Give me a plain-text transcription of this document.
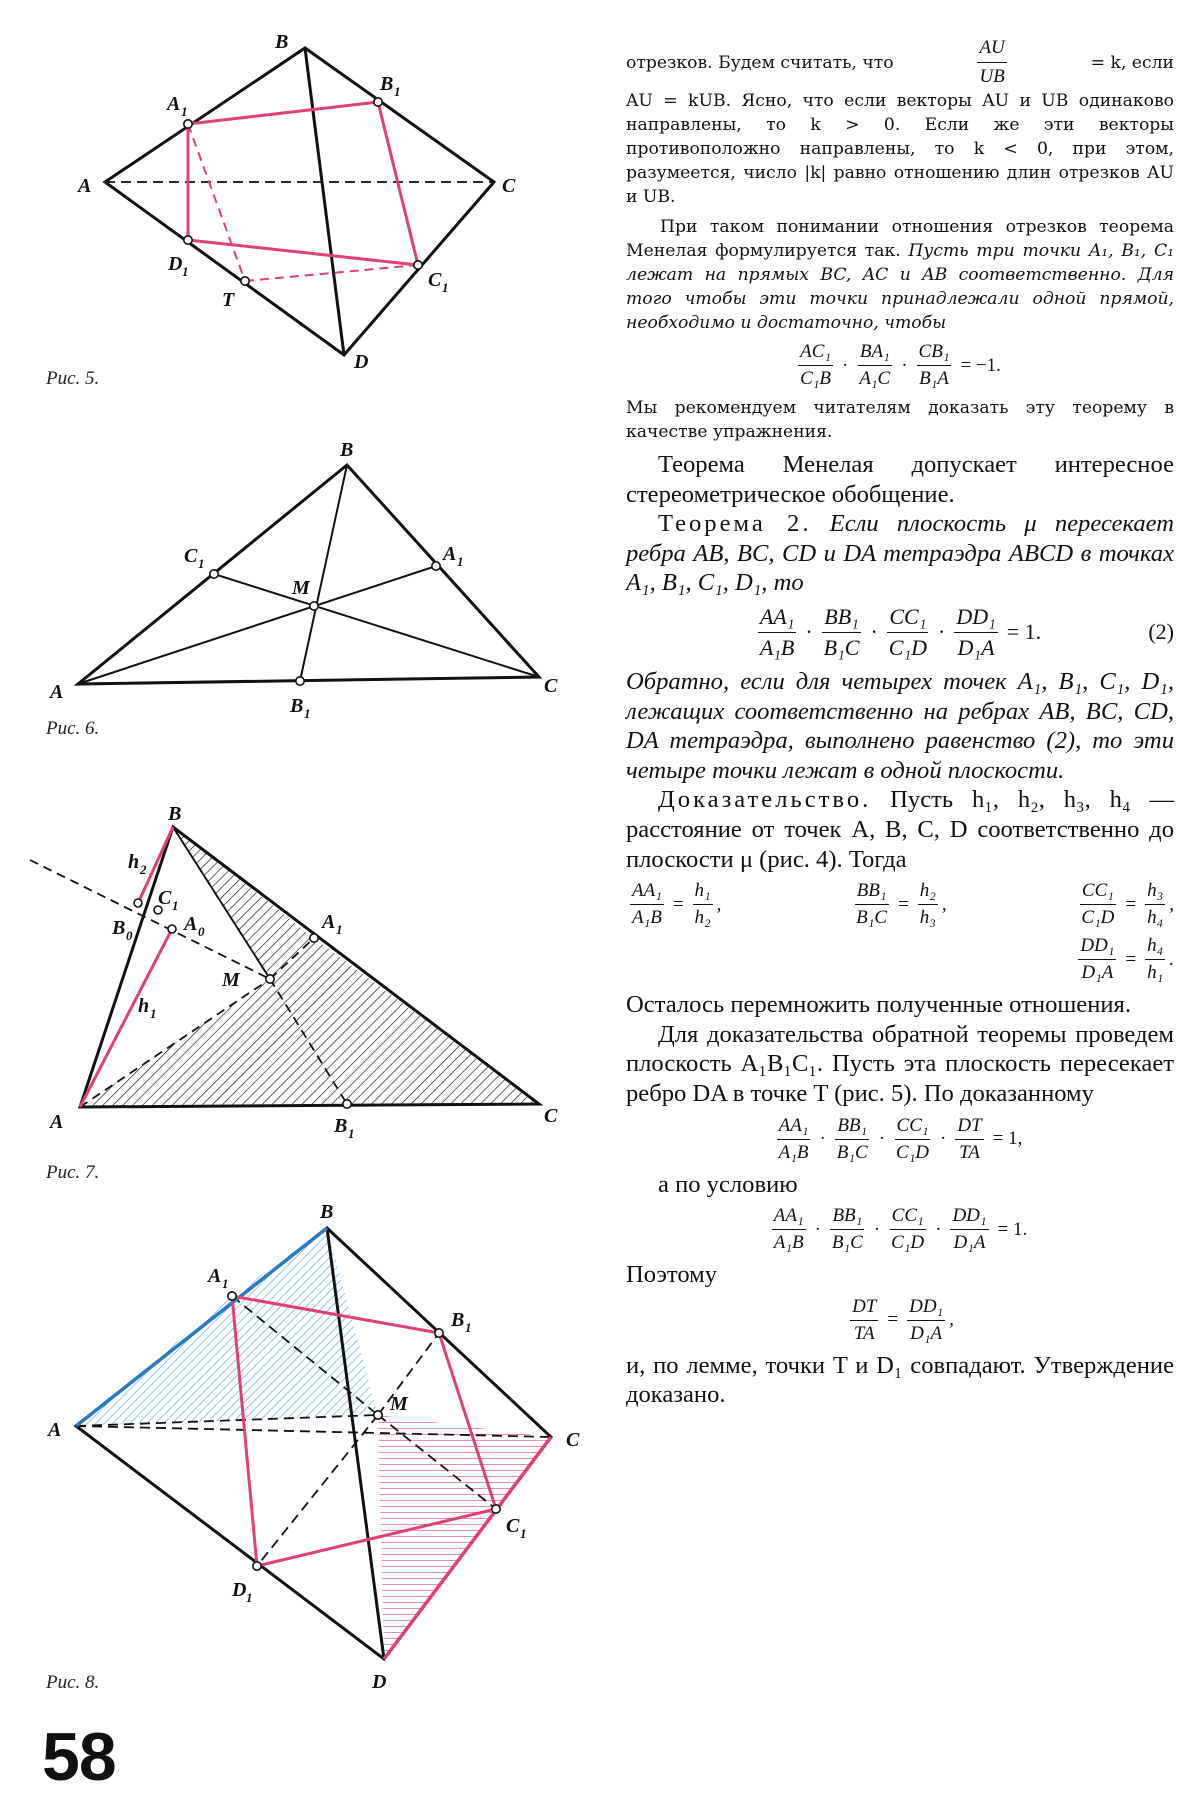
A
B
C
D
A 1
B 1
C 1
D 1
T
Рис. 5.
A
B
C
M
A 1
B 1
C 1
Рис. 6.
A
B
C
M
A 1
B 1
C 1
A 0
B 0
h 2
h 1
Рис. 7.
A
B
C
D
M
A 1
B 1
C 1
D 1
Рис. 8.
58
отрезков. Будем считать, что	$\frac{AU}{UB}$	= k, если

AU = kUB. Ясно, что если векторы AU и UB одинаково направлены, то k > 0. Если же эти векторы противоположно направлены, то k < 0, при этом, разумеется, число |k| равно отношению длин отрезков AU и UB.

При таком понимании отношения отрезков теорема Менелая формулируется так. Пусть три точки A₁, B₁, C₁ лежат на прямых BC, AC и AB соответственно. Для того чтобы эти точки принадлежали одной прямой, необходимо и достаточно, чтобы

$\frac{\text{AC₁}}{\text{C₁B}} \cdot \frac{\text{BA₁}}{\text{A₁C}} \cdot \frac{\text{CB₁}}{\text{B₁A}} = -1$.

Мы рекомендуем читателям доказать эту теорему в качестве упражнения.

Теорема Менелая допускает интересное стереометрическое обобщение.

Теорема 2. Если плоскость μ пересекает ребра AB, BC, CD и DA тетраэдра ABCD в точках A₁, B₁, C₁, D₁, то

$\frac{\text{AA₁}}{\text{A₁B}} \cdot \frac{\text{BB₁}}{\text{B₁C}} \cdot \frac{\text{CC₁}}{\text{C₁D}} \cdot \frac{\text{DD₁}}{\text{D₁A}} = 1$.	(2)

Обратно, если для четырех точек A₁, B₁, C₁, D₁, лежащих соответственно на ребрах AB, BC, CD, DA тетраэдра, выполнено равенство (2), то эти четыре точки лежат в одной плоскости.

Доказательство. Пусть h₁, h₂, h₃, h₄ — расстояние от точек A, B, C, D соответственно до плоскости μ (рис. 4). Тогда

$\frac{\text{AA₁}}{\text{A₁B}} = \frac{\text{h₁}}{\text{h₂}}$ ,	$\frac{\text{BB₁}}{\text{B₁C}} = \frac{\text{h₂}}{\text{h₃}}$ ,	$\frac{\text{CC₁}}{\text{C₁D}} = \frac{\text{h₃}}{\text{h₄}}$ ,
$\frac{\text{DD₁}}{\text{D₁A}} = \frac{\text{h₄}}{\text{h₁}}$ .

Осталось перемножить полученные отношения.

Для доказательства обратной теоремы проведем плоскость A₁B₁C₁. Пусть эта плоскость пересекает ребро DA в точке T (рис. 5). По доказанному

$\frac{\text{AA₁}}{\text{A₁B}} \cdot \frac{\text{BB₁}}{\text{B₁C}} \cdot \frac{\text{CC₁}}{\text{C₁D}} \cdot \frac{DT}{TA} = 1$,

а по условию

$\frac{\text{AA₁}}{\text{A₁B}} \cdot \frac{\text{BB₁}}{\text{B₁C}} \cdot \frac{\text{CC₁}}{\text{C₁D}} \cdot \frac{\text{DD₁}}{\text{D₁A}} = 1$.

Поэтому

$\frac{DT}{TA} = \frac{\text{DD₁}}{\text{D₁A}}$ ,

и, по лемме, точки T и D₁ совпадают. Утверждение доказано.
